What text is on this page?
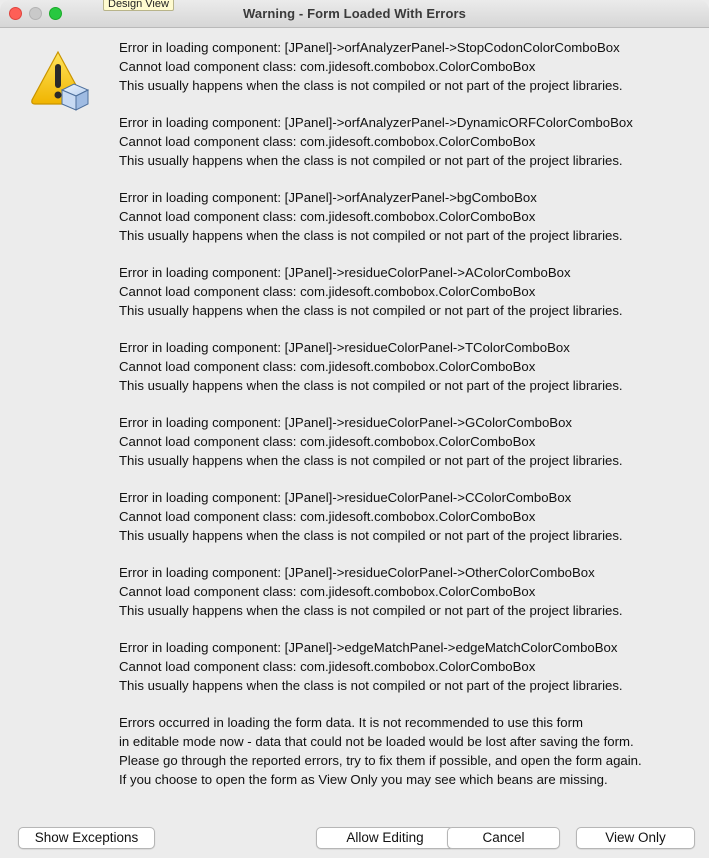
Warning - Form Loaded With Errors
Design View
Error in loading component: [JPanel]->orfAnalyzerPanel->StopCodonColorComboBox
Cannot load component class: com.jidesoft.combobox.ColorComboBox
This usually happens when the class is not compiled or not part of the project libraries.
Error in loading component: [JPanel]->orfAnalyzerPanel->DynamicORFColorComboBox
Cannot load component class: com.jidesoft.combobox.ColorComboBox
This usually happens when the class is not compiled or not part of the project libraries.
Error in loading component: [JPanel]->orfAnalyzerPanel->bgComboBox
Cannot load component class: com.jidesoft.combobox.ColorComboBox
This usually happens when the class is not compiled or not part of the project libraries.
Error in loading component: [JPanel]->residueColorPanel->AColorComboBox
Cannot load component class: com.jidesoft.combobox.ColorComboBox
This usually happens when the class is not compiled or not part of the project libraries.
Error in loading component: [JPanel]->residueColorPanel->TColorComboBox
Cannot load component class: com.jidesoft.combobox.ColorComboBox
This usually happens when the class is not compiled or not part of the project libraries.
Error in loading component: [JPanel]->residueColorPanel->GColorComboBox
Cannot load component class: com.jidesoft.combobox.ColorComboBox
This usually happens when the class is not compiled or not part of the project libraries.
Error in loading component: [JPanel]->residueColorPanel->CColorComboBox
Cannot load component class: com.jidesoft.combobox.ColorComboBox
This usually happens when the class is not compiled or not part of the project libraries.
Error in loading component: [JPanel]->residueColorPanel->OtherColorComboBox
Cannot load component class: com.jidesoft.combobox.ColorComboBox
This usually happens when the class is not compiled or not part of the project libraries.
Error in loading component: [JPanel]->edgeMatchPanel->edgeMatchColorComboBox
Cannot load component class: com.jidesoft.combobox.ColorComboBox
This usually happens when the class is not compiled or not part of the project libraries.
Errors occurred in loading the form data. It is not recommended to use this form
in editable mode now - data that could not be loaded would be lost after saving the form.
Please go through the reported errors, try to fix them if possible, and open the form again.
If you choose to open the form as View Only you may see which beans are missing.
Show Exceptions	Allow Editing	Cancel	View Only
